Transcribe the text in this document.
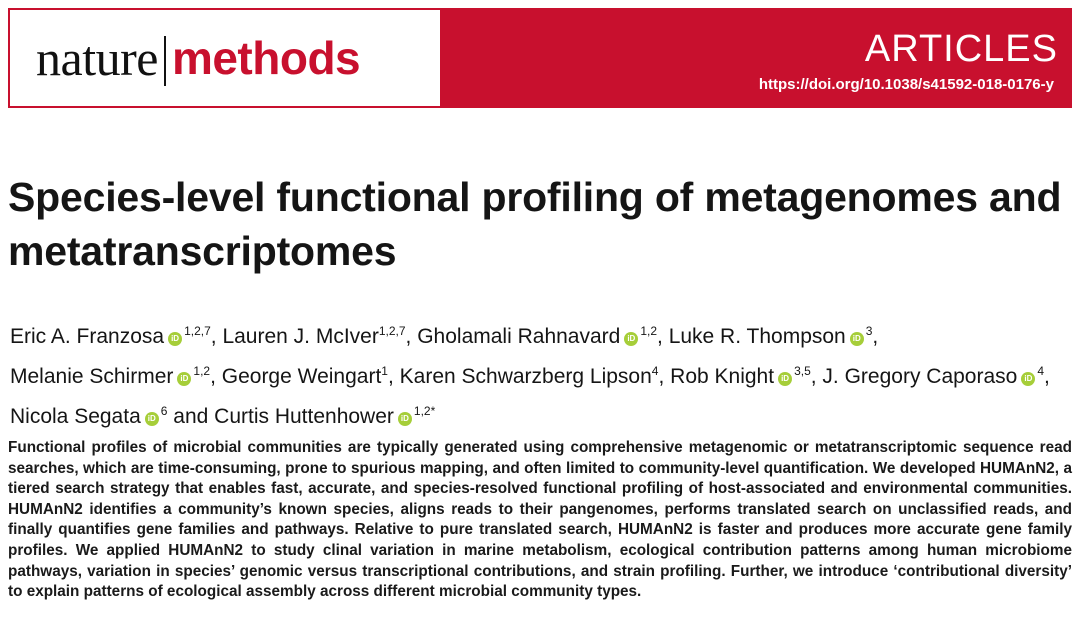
nature methods	ARTICLES
https://doi.org/10.1038/s41592-018-0176-y
Species-level functional profiling of metagenomes and metatranscriptomes
Eric A. Franzosa iD$^{1,2,7}$, Lauren J. McIver$^{1,2,7}$, Gholamali Rahnavard iD$^{1,2}$, Luke R. Thompson iD$^3$, Melanie Schirmer iD$^{1,2}$, George Weingart$^1$, Karen Schwarzberg Lipson$^4$, Rob Knight iD$^{3,5}$, J. Gregory Caporaso iD$^4$, Nicola Segata iD$^6$ and Curtis Huttenhower iD$^{1,2*}$

Functional profiles of microbial communities are typically generated using comprehensive metagenomic or metatranscriptomic sequence read searches, which are time-consuming, prone to spurious mapping, and often limited to community-level quantification. We developed HUMAnN2, a tiered search strategy that enables fast, accurate, and species-resolved functional profiling of host-associated and environmental communities. HUMAnN2 identifies a community’s known species, aligns reads to their pangenomes, performs translated search on unclassified reads, and finally quantifies gene families and pathways. Relative to pure translated search, HUMAnN2 is faster and produces more accurate gene family profiles. We applied HUMAnN2 to study clinal variation in marine metabolism, ecological contribution patterns among human microbiome pathways, variation in species’ genomic versus transcriptional contributions, and strain profiling. Further, we introduce ‘contributional diversity’ to explain patterns of ecological assembly across different microbial community types.
